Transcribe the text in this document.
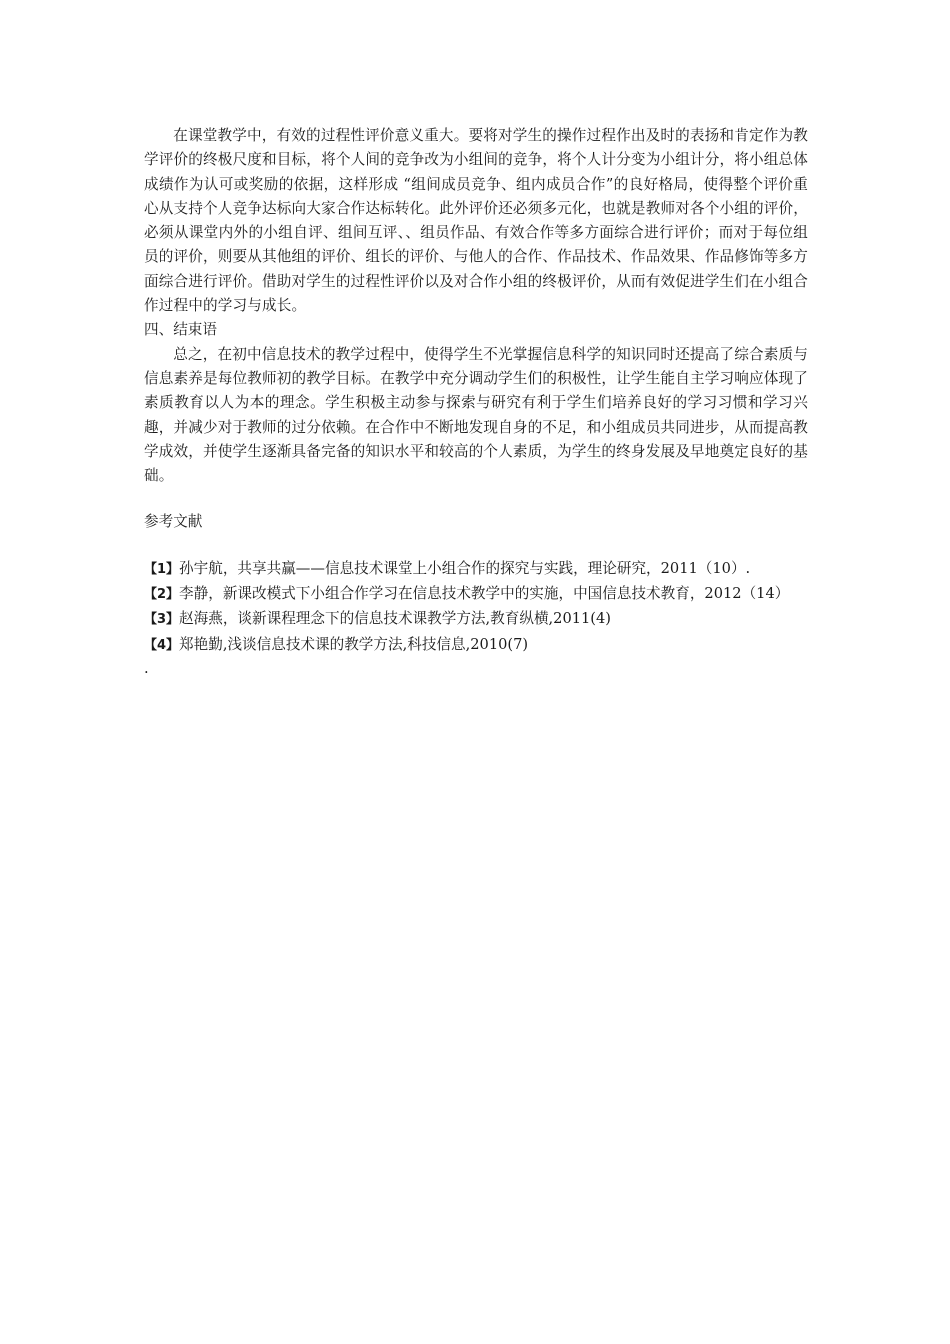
在课堂教学中，有效的过程性评价意义重大。要将对学生的操作过程作出及时的表扬和肯定作为教学评价的终极尺度和目标，将个人间的竞争改为小组间的竞争，将个人计分变为小组计分，将小组总体成绩作为认可或奖励的依据，这样形成 “组间成员竞争、组内成员合作”的良好格局，使得整个评价重心从支持个人竞争达标向大家合作达标转化。此外评价还必须多元化，也就是教师对各个小组的评价，必须从课堂内外的小组自评、组间互评、、组员作品、有效合作等多方面综合进行评价；而对于每位组员的评价，则要从其他组的评价、组长的评价、与他人的合作、作品技术、作品效果、作品修饰等多方面综合进行评价。借助对学生的过程性评价以及对合作小组的终极评价，从而有效促进学生们在小组合作过程中的学习与成长。

四、结束语

总之，在初中信息技术的教学过程中，使得学生不光掌握信息科学的知识同时还提高了综合素质与信息素养是每位教师初的教学目标。在教学中充分调动学生们的积极性，让学生能自主学习响应体现了素质教育以人为本的理念。学生积极主动参与探索与研究有利于学生们培养良好的学习习惯和学习兴趣，并减少对于教师的过分依赖。在合作中不断地发现自身的不足，和小组成员共同进步，从而提高教学成效，并使学生逐渐具备完备的知识水平和较高的个人素质，为学生的终身发展及早地奠定良好的基础。

参考文献

【1】孙宇航，共享共赢——信息技术课堂上小组合作的探究与实践，理论研究，2011（10）.
【2】李静，新课改模式下小组合作学习在信息技术教学中的实施，中国信息技术教育，2012（14）
【3】赵海燕，谈新课程理念下的信息技术课教学方法,教育纵横,2011(4)
【4】郑艳勤,浅谈信息技术课的教学方法,科技信息,2010(7)

.
